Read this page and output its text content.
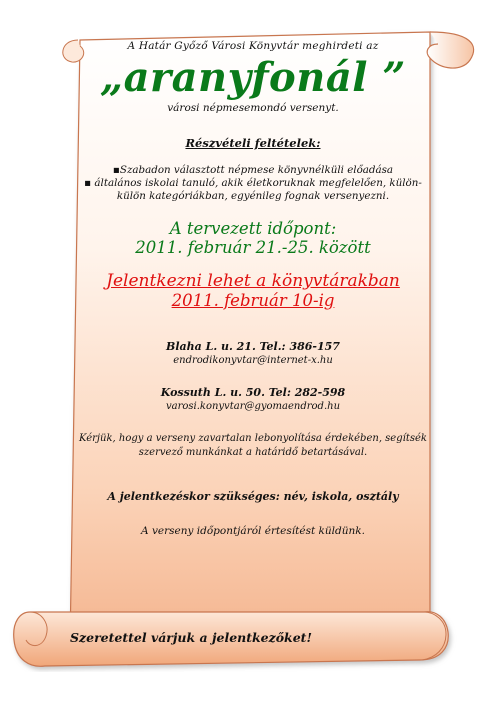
A Határ Győző Városi Könyvtár meghirdeti az

„aranyfonál ”

városi népmesemondó versenyt.

Részvételi feltételek:

▪Szabadon választott népmese könyvnélküli előadása

▪ általános iskolai tanuló, akik életkoruknak megfelelően, külön-külön kategóriákban, egyénileg fognak versenyezni.

A tervezett időpont:

2011. február 21.-25. között

Jelentkezni lehet a könyvtárakban

2011. február 10-ig

Blaha L. u. 21. Tel.: 386-157

endrodikonyvtar@internet-x.hu

Kossuth L. u. 50. Tel: 282-598

varosi.konyvtar@gyomaendrod.hu

Kérjük, hogy a verseny zavartalan lebonyolítása érdekében, segítsék szervező munkánkat a határidő betartásával.

A jelentkezéskor szükséges: név, iskola, osztály

A verseny időpontjáról értesítést küldünk.

Szeretettel várjuk a jelentkezőket!
